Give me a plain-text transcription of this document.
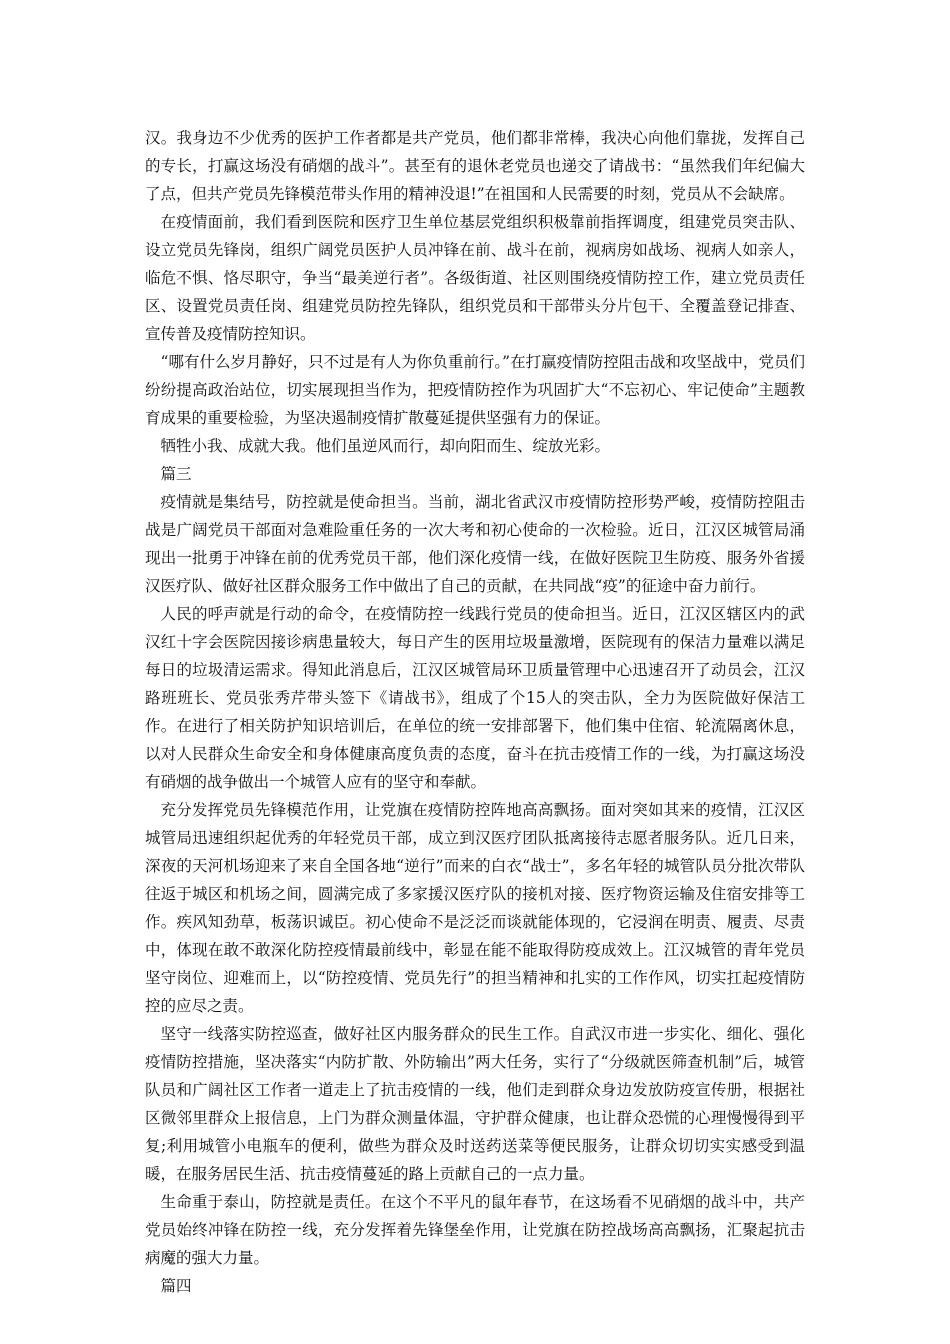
汉。我身边不少优秀的医护工作者都是共产党员，他们都非常棒，我决心向他们靠拢，发挥自己的专长，打赢这场没有硝烟的战斗”。甚至有的退休老党员也递交了请战书：“虽然我们年纪偏大了点，但共产党员先锋模范带头作用的精神没退!”在祖国和人民需要的时刻，党员从不会缺席。

在疫情面前，我们看到医院和医疗卫生单位基层党组织积极靠前指挥调度，组建党员突击队、设立党员先锋岗，组织广阔党员医护人员冲锋在前、战斗在前，视病房如战场、视病人如亲人，临危不惧、恪尽职守，争当“最美逆行者”。各级街道、社区则围绕疫情防控工作，建立党员责任区、设置党员责任岗、组建党员防控先锋队，组织党员和干部带头分片包干、全覆盖登记排查、宣传普及疫情防控知识。

“哪有什么岁月静好，只不过是有人为你负重前行。”在打赢疫情防控阻击战和攻坚战中，党员们纷纷提高政治站位，切实展现担当作为，把疫情防控作为巩固扩大“不忘初心、牢记使命”主题教育成果的重要检验，为坚决遏制疫情扩散蔓延提供坚强有力的保证。

牺牲小我、成就大我。他们虽逆风而行，却向阳而生、绽放光彩。

篇三

疫情就是集结号，防控就是使命担当。当前，湖北省武汉市疫情防控形势严峻，疫情防控阻击战是广阔党员干部面对急难险重任务的一次大考和初心使命的一次检验。近日，江汉区城管局涌现出一批勇于冲锋在前的优秀党员干部，他们深化疫情一线，在做好医院卫生防疫、服务外省援汉医疗队、做好社区群众服务工作中做出了自己的贡献，在共同战“疫”的征途中奋力前行。

人民的呼声就是行动的命令，在疫情防控一线践行党员的使命担当。近日，江汉区辖区内的武汉红十字会医院因接诊病患量较大，每日产生的医用垃圾量激增，医院现有的保洁力量难以满足每日的垃圾清运需求。得知此消息后，江汉区城管局环卫质量管理中心迅速召开了动员会，江汉路班班长、党员张秀芹带头签下《请战书》，组成了个15人的突击队，全力为医院做好保洁工作。在进行了相关防护知识培训后，在单位的统一安排部署下，他们集中住宿、轮流隔离休息，以对人民群众生命安全和身体健康高度负责的态度，奋斗在抗击疫情工作的一线，为打赢这场没有硝烟的战争做出一个城管人应有的坚守和奉献。

充分发挥党员先锋模范作用，让党旗在疫情防控阵地高高飘扬。面对突如其来的疫情，江汉区城管局迅速组织起优秀的年轻党员干部，成立到汉医疗团队抵离接待志愿者服务队。近几日来，深夜的天河机场迎来了来自全国各地“逆行”而来的白衣“战士”，多名年轻的城管队员分批次带队往返于城区和机场之间，圆满完成了多家援汉医疗队的接机对接、医疗物资运输及住宿安排等工作。疾风知劲草，板荡识诚臣。初心使命不是泛泛而谈就能体现的，它浸润在明责、履责、尽责中，体现在敢不敢深化防控疫情最前线中，彰显在能不能取得防疫成效上。江汉城管的青年党员坚守岗位、迎难而上，以“防控疫情、党员先行”的担当精神和扎实的工作作风，切实扛起疫情防控的应尽之责。

坚守一线落实防控巡查，做好社区内服务群众的民生工作。自武汉市进一步实化、细化、强化疫情防控措施，坚决落实“内防扩散、外防输出”两大任务，实行了“分级就医筛查机制”后，城管队员和广阔社区工作者一道走上了抗击疫情的一线，他们走到群众身边发放防疫宣传册，根据社区微邻里群众上报信息，上门为群众测量体温，守护群众健康，也让群众恐慌的心理慢慢得到平复;利用城管小电瓶车的便利，做些为群众及时送药送菜等便民服务，让群众切切实实感受到温暖，在服务居民生活、抗击疫情蔓延的路上贡献自己的一点力量。

生命重于泰山，防控就是责任。在这个不平凡的鼠年春节，在这场看不见硝烟的战斗中，共产党员始终冲锋在防控一线，充分发挥着先锋堡垒作用，让党旗在防控战场高高飘扬，汇聚起抗击病魔的强大力量。

篇四
